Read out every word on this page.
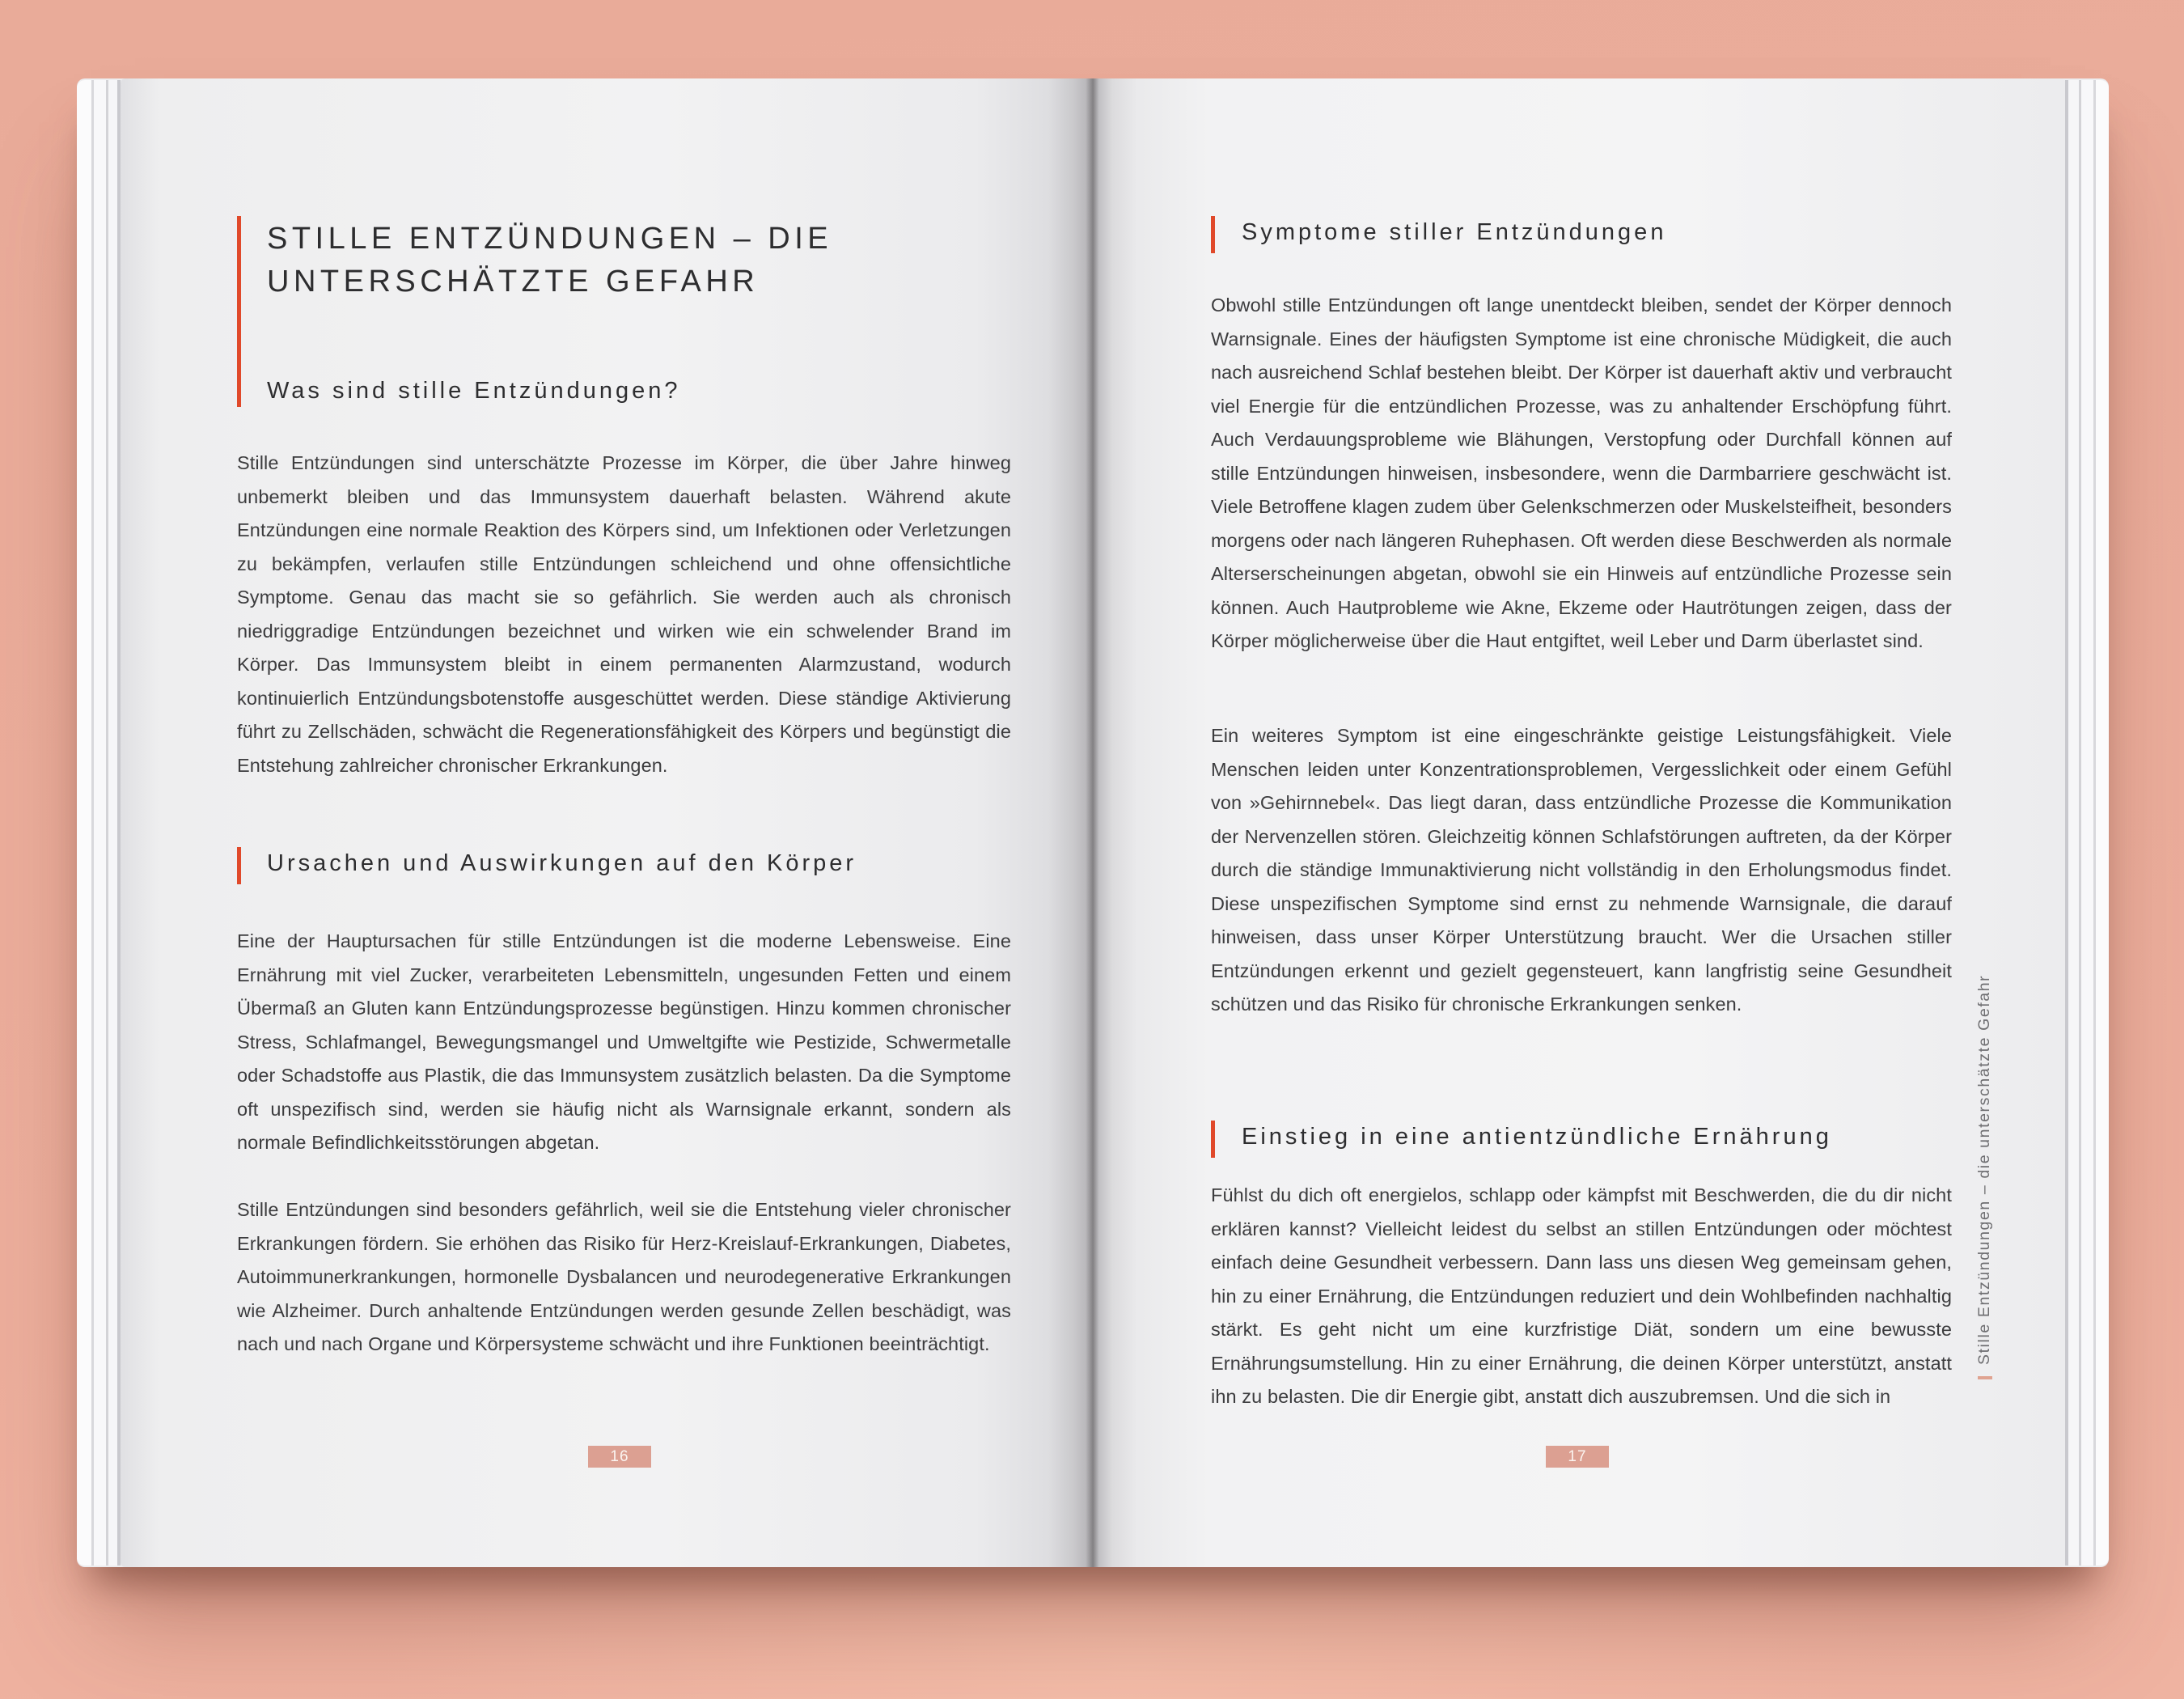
STILLE ENTZÜNDUNGEN – DIE
UNTERSCHÄTZTE GEFAHR
Was sind stille Entzündungen?

Stille Entzündungen sind unterschätzte Prozesse im Körper, die über Jahre hinweg unbemerkt bleiben und das Immunsystem dauerhaft belasten. Während akute Entzündungen eine normale Reaktion des Körpers sind, um Infektionen oder Verletzungen zu bekämpfen, verlaufen stille Entzündungen schleichend und ohne offensichtliche Symptome. Genau das macht sie so gefährlich. Sie werden auch als chronisch niedriggradige Entzündungen bezeichnet und wirken wie ein schwelender Brand im Körper. Das Immunsystem bleibt in einem permanenten Alarmzustand, wodurch kontinuierlich Entzündungsbotenstoffe ausgeschüttet werden. Diese ständige Aktivierung führt zu Zellschäden, schwächt die Regenerationsfähigkeit des Körpers und begünstigt die Entstehung zahlreicher chronischer Erkrankungen.

Ursachen und Auswirkungen auf den Körper

Eine der Hauptursachen für stille Entzündungen ist die moderne Lebensweise. Eine Ernährung mit viel Zucker, verarbeiteten Lebensmitteln, ungesunden Fetten und einem Übermaß an Gluten kann Entzündungsprozesse begünstigen. Hinzu kommen chronischer Stress, Schlafmangel, Bewegungsmangel und Umweltgifte wie Pestizide, Schwermetalle oder Schadstoffe aus Plastik, die das Immunsystem zusätzlich belasten. Da die Symptome oft unspezifisch sind, werden sie häufig nicht als Warnsignale erkannt, sondern als normale Befindlichkeitsstörungen abgetan.

Stille Entzündungen sind besonders gefährlich, weil sie die Entstehung vieler chronischer Erkrankungen fördern. Sie erhöhen das Risiko für Herz-Kreislauf-Erkrankungen, Diabetes, Autoimmunerkrankungen, hormonelle Dysbalancen und neurodegenerative Erkrankungen wie Alzheimer. Durch anhaltende Entzündungen werden gesunde Zellen beschädigt, was nach und nach Organe und Körpersysteme schwächt und ihre Funktionen beeinträchtigt.

16
Symptome stiller Entzündungen

Obwohl stille Entzündungen oft lange unentdeckt bleiben, sendet der Körper dennoch Warnsignale. Eines der häufigsten Symptome ist eine chronische Müdigkeit, die auch nach ausreichend Schlaf bestehen bleibt. Der Körper ist dauerhaft aktiv und verbraucht viel Energie für die entzündlichen Prozesse, was zu anhaltender Erschöpfung führt. Auch Verdauungsprobleme wie Blähungen, Verstopfung oder Durchfall können auf stille Entzündungen hinweisen, insbesondere, wenn die Darmbarriere geschwächt ist. Viele Betroffene klagen zudem über Gelenkschmerzen oder Muskelsteifheit, besonders morgens oder nach längeren Ruhephasen. Oft werden diese Beschwerden als normale Alterserscheinungen abgetan, obwohl sie ein Hinweis auf entzündliche Prozesse sein können. Auch Hautprobleme wie Akne, Ekzeme oder Hautrötungen zeigen, dass der Körper möglicherweise über die Haut entgiftet, weil Leber und Darm überlastet sind.

Ein weiteres Symptom ist eine eingeschränkte geistige Leistungsfähigkeit. Viele Menschen leiden unter Konzentrationsproblemen, Vergesslichkeit oder einem Gefühl von »Gehirnnebel«. Das liegt daran, dass entzündliche Prozesse die Kommunikation der Nervenzellen stören. Gleichzeitig können Schlafstörungen auftreten, da der Körper durch die ständige Immunaktivierung nicht vollständig in den Erholungsmodus findet. Diese unspezifischen Symptome sind ernst zu nehmende Warnsignale, die darauf hinweisen, dass unser Körper Unterstützung braucht. Wer die Ursachen stiller Entzündungen erkennt und gezielt gegensteuert, kann langfristig seine Gesundheit schützen und das Risiko für chronische Erkrankungen senken.

Einstieg in eine antientzündliche Ernährung

Fühlst du dich oft energielos, schlapp oder kämpfst mit Beschwerden, die du dir nicht erklären kannst? Vielleicht leidest du selbst an stillen Entzündungen oder möchtest einfach deine Gesundheit verbessern. Dann lass uns diesen Weg gemeinsam gehen, hin zu einer Ernährung, die Entzündungen reduziert und dein Wohlbefinden nachhaltig stärkt. Es geht nicht um eine kurzfristige Diät, sondern um eine bewusste Ernährungsumstellung. Hin zu einer Ernährung, die deinen Körper unterstützt, anstatt ihn zu belasten. Die dir Energie gibt, anstatt dich auszubremsen. Und die sich in

17
Stille Entzündungen – die unterschätzte Gefahr
